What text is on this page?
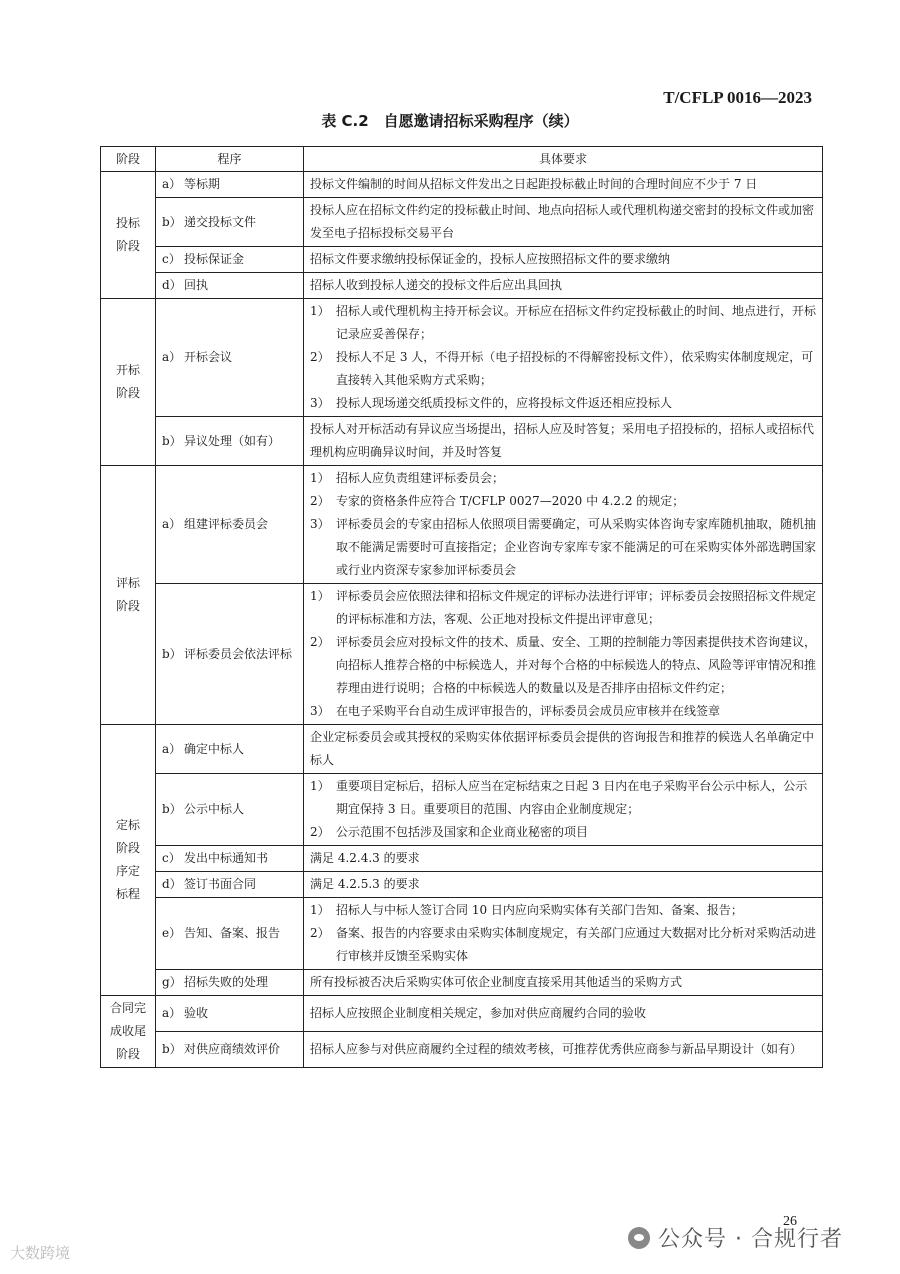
T/CFLP 0016—2023
表 C.2　自愿邀请招标采购程序（续）
阶段	程序	具体要求
投标
阶段	a） 等标期	投标文件编制的时间从招标文件发出之日起距投标截止时间的合理时间应不少于 7 日
	b） 递交投标文件	投标人应在招标文件约定的投标截止时间、地点向招标人或代理机构递交密封的投标文件或加密发至电子招标投标交易平台
	c） 投标保证金	招标文件要求缴纳投标保证金的，投标人应按照招标文件的要求缴纳
	d） 回执	招标人收到投标人递交的投标文件后应出具回执
开标
阶段	a） 开标会议	1） 招标人或代理机构主持开标会议。开标应在招标文件约定投标截止的时间、地点进行，开标记录应妥善保存；
2） 投标人不足 3 人，不得开标（电子招投标的不得解密投标文件），依采购实体制度规定，可直接转入其他采购方式采购；
3） 投标人现场递交纸质投标文件的，应将投标文件返还相应投标人

	b） 异议处理（如有）	投标人对开标活动有异议应当场提出，招标人应及时答复；采用电子招投标的，招标人或招标代理机构应明确异议时间，并及时答复
评标
阶段	a） 组建评标委员会	1） 招标人应负责组建评标委员会；
2） 专家的资格条件应符合 T/CFLP 0027—2020 中 4.2.2 的规定；
3） 评标委员会的专家由招标人依照项目需要确定，可从采购实体咨询专家库随机抽取，随机抽取不能满足需要时可直接指定；企业咨询专家库专家不能满足的可在采购实体外部选聘国家或行业内资深专家参加评标委员会

	b） 评标委员会依法评标	1） 评标委员会应依照法律和招标文件规定的评标办法进行评审；评标委员会按照招标文件规定的评标标准和方法，客观、公正地对投标文件提出评审意见；
2） 评标委员会应对投标文件的技术、质量、安全、工期的控制能力等因素提供技术咨询建议，向招标人推荐合格的中标候选人，并对每个合格的中标候选人的特点、风险等评审情况和推荐理由进行说明；合格的中标候选人的数量以及是否排序由招标文件约定；
3） 在电子采购平台自动生成评审报告的，评标委员会成员应审核并在线签章

定标
阶段
序定
标程	a） 确定中标人	企业定标委员会或其授权的采购实体依据评标委员会提供的咨询报告和推荐的候选人名单确定中标人
	b） 公示中标人	1） 重要项目定标后，招标人应当在定标结束之日起 3 日内在电子采购平台公示中标人，公示期宜保持 3 日。重要项目的范围、内容由企业制度规定；
2） 公示范围不包括涉及国家和企业商业秘密的项目

	c） 发出中标通知书	满足 4.2.4.3 的要求
	d） 签订书面合同	满足 4.2.5.3 的要求
	e） 告知、备案、报告	1） 招标人与中标人签订合同 10 日内应向采购实体有关部门告知、备案、报告；
2） 备案、报告的内容要求由采购实体制度规定，有关部门应通过大数据对比分析对采购活动进行审核并反馈至采购实体

	g） 招标失败的处理	所有投标被否决后采购实体可依企业制度直接采用其他适当的采购方式
合同完
成收尾
阶段	a） 验收	招标人应按照企业制度相关规定，参加对供应商履约合同的验收
	b） 对供应商绩效评价	招标人应参与对供应商履约全过程的绩效考核，可推荐优秀供应商参与新品早期设计（如有）
26
公众号 · 合规行者
大数跨境
